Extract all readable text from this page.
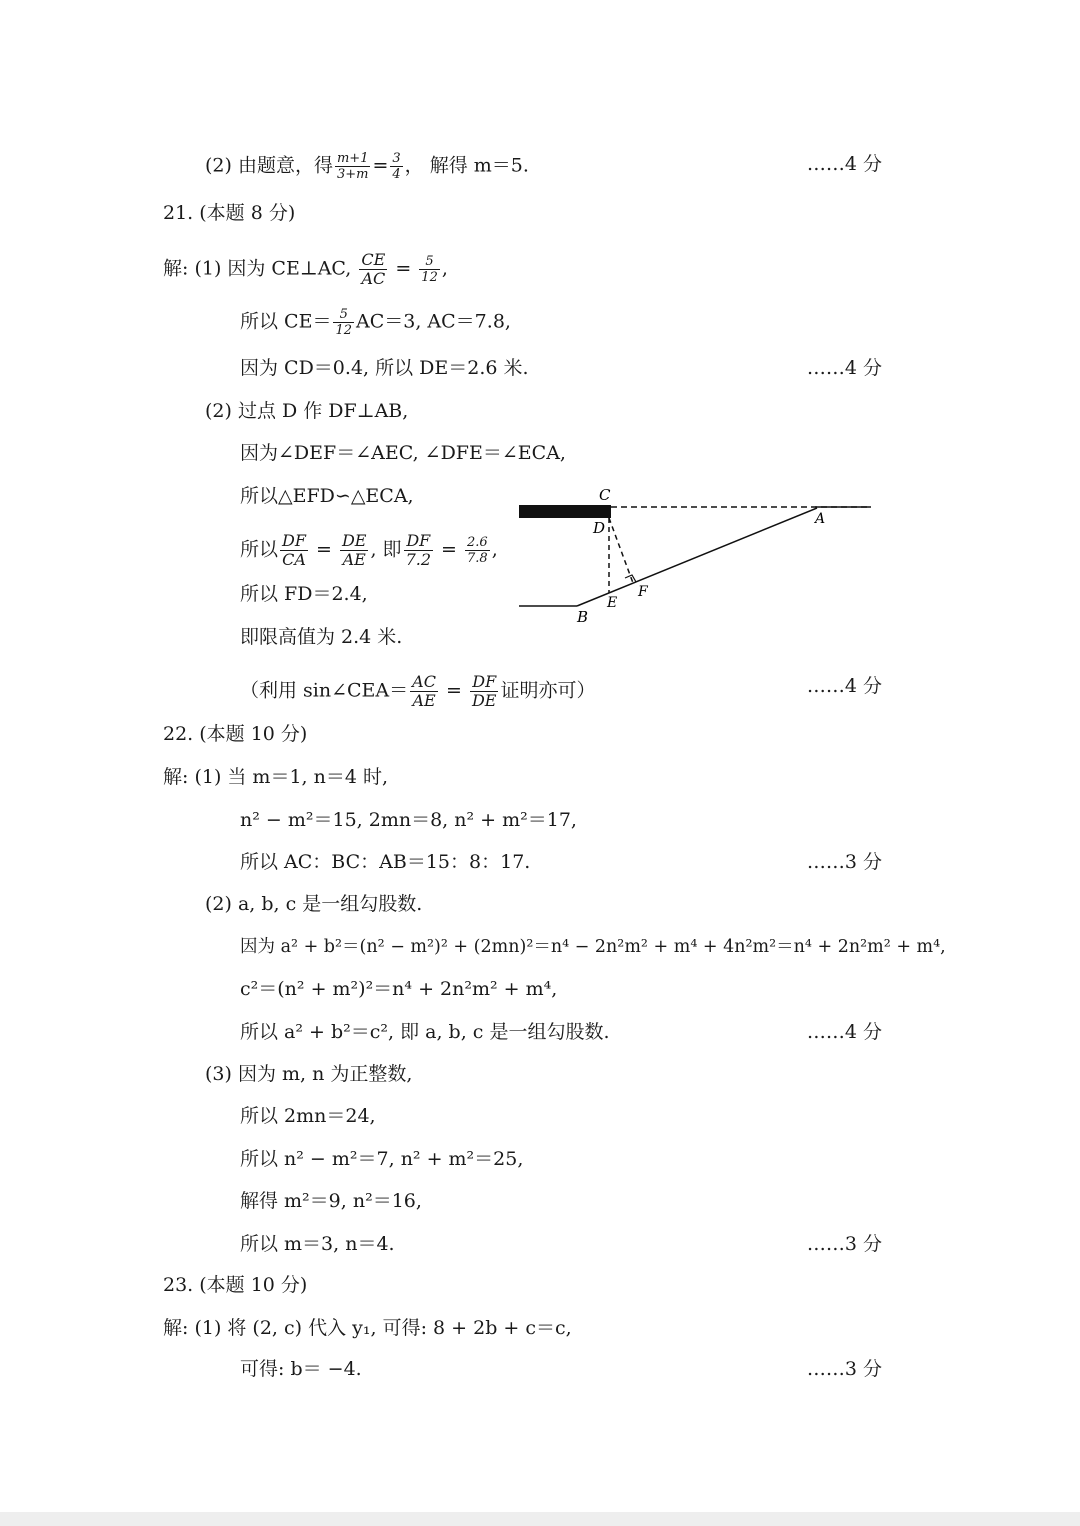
(2) 由题意，得 $\frac{m+1}{3+m} = \frac{3}{4}$ ， 解得 m＝5.	……4 分
21. (本题 8 分)
解: (1) 因为 CE⊥AC, $\frac{CE}{AC} = \frac{5}{12}$ ,
所以 $CE= \frac{5}{12} AC=3$, AC＝7.8,
因为 CD＝0.4, 所以 DE＝2.6 米.	……4 分
(2) 过点 D 作 DF⊥AB,
因为∠DEF＝∠AEC, ∠DFE＝∠ECA,
所以△EFD∽△ECA,
所以 $\frac{DF}{CA} = \frac{DE}{AE}$ , 即 $\frac{DF}{7.2} = \frac{2.6}{7.8}$ ,
所以 FD＝2.4,
即限高值为 2.4 米.
（利用 sin∠CEA＝ $\frac{AC}{AE} = \frac{DF}{DE}$ 证明亦可）	……4 分
C
D	A
E
F
B
22. (本题 10 分)
解: (1) 当 m＝1, n＝4 时,
n² − m²＝15, 2mn＝8, n² + m²＝17,
所以 AC：BC：AB＝15：8：17.	……3 分
(2) a, b, c 是一组勾股数.
因为 a² + b²＝(n² − m²)² + (2mn)²＝n⁴ − 2n²m² + m⁴ + 4n²m²＝n⁴ + 2n²m² + m⁴,
c²＝(n² + m²)²＝n⁴ + 2n²m² + m⁴,
所以 a² + b²＝c², 即 a, b, c 是一组勾股数.	……4 分
(3) 因为 m, n 为正整数,
所以 2mn＝24,
所以 n² − m²＝7, n² + m²＝25,
解得 m²＝9, n²＝16,
所以 m＝3, n＝4.	……3 分
23. (本题 10 分)
解: (1) 将 (2, c) 代入 y₁, 可得: 8 + 2b + c＝c,
可得: b＝ −4.	……3 分
